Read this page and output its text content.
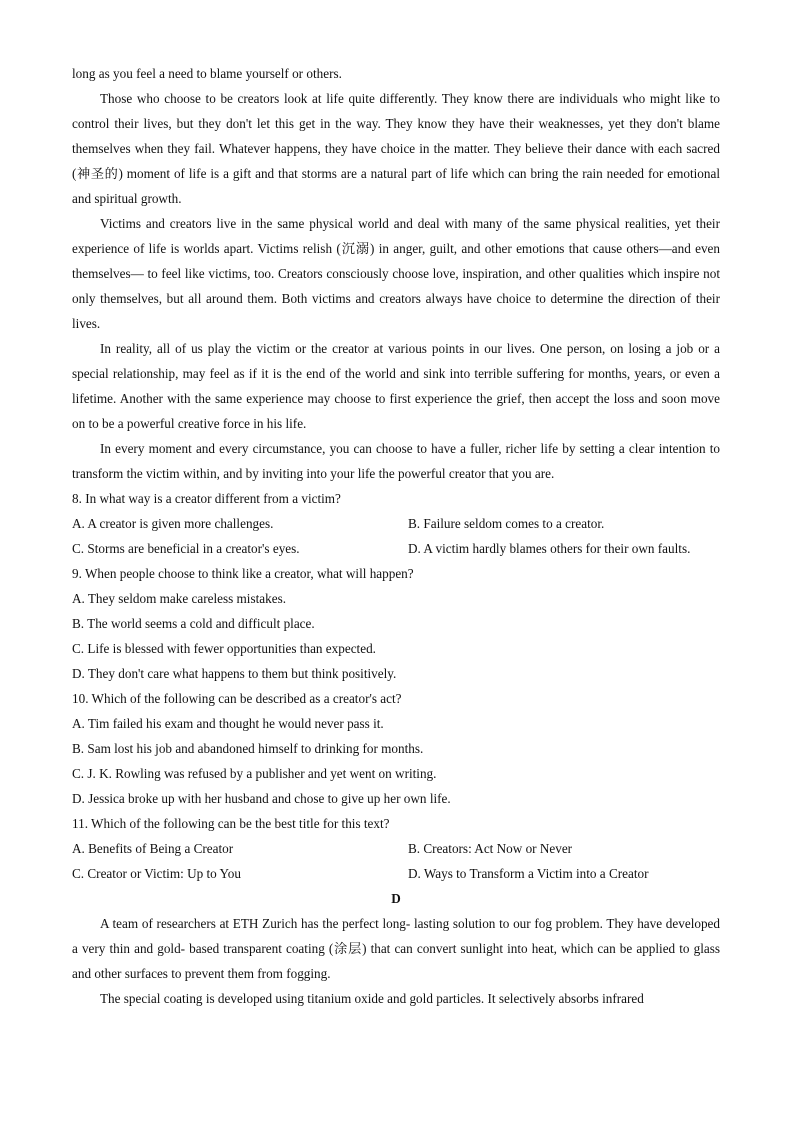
long as you feel a need to blame yourself or others.

Those who choose to be creators look at life quite differently. They know there are individuals who might like to control their lives, but they don't let this get in the way. They know they have their weaknesses, yet they don't blame themselves when they fail. Whatever happens, they have choice in the matter. They believe their dance with each sacred (神圣的) moment of life is a gift and that storms are a natural part of life which can bring the rain needed for emotional and spiritual growth.

Victims and creators live in the same physical world and deal with many of the same physical realities, yet their experience of life is worlds apart. Victims relish (沉溺) in anger, guilt, and other emotions that cause others—and even themselves— to feel like victims, too. Creators consciously choose love, inspiration, and other qualities which inspire not only themselves, but all around them. Both victims and creators always have choice to determine the direction of their lives.

In reality, all of us play the victim or the creator at various points in our lives. One person, on losing a job or a special relationship, may feel as if it is the end of the world and sink into terrible suffering for months, years, or even a lifetime. Another with the same experience may choose to first experience the grief, then accept the loss and soon move on to be a powerful creative force in his life.

In every moment and every circumstance, you can choose to have a fuller, richer life by setting a clear intention to transform the victim within, and by inviting into your life the powerful creator that you are.

8. In what way is a creator different from a victim?

A. A creator is given more challenges.	B. Failure seldom comes to a creator.
C. Storms are beneficial in a creator's eyes.	D. A victim hardly blames others for their own faults.

9. When people choose to think like a creator, what will happen?

A. They seldom make careless mistakes.

B. The world seems a cold and difficult place.

C. Life is blessed with fewer opportunities than expected.

D. They don't care what happens to them but think positively.

10. Which of the following can be described as a creator's act?

A. Tim failed his exam and thought he would never pass it.

B. Sam lost his job and abandoned himself to drinking for months.

C. J. K. Rowling was refused by a publisher and yet went on writing.

D. Jessica broke up with her husband and chose to give up her own life.

11. Which of the following can be the best title for this text?

A. Benefits of Being a Creator	B. Creators: Act Now or Never
C. Creator or Victim: Up to You	D. Ways to Transform a Victim into a Creator

D

A team of researchers at ETH Zurich has the perfect long- lasting solution to our fog problem. They have developed a very thin and gold- based transparent coating (涂层) that can convert sunlight into heat, which can be applied to glass and other surfaces to prevent them from fogging.

The special coating is developed using titanium oxide and gold particles. It selectively absorbs infrared
